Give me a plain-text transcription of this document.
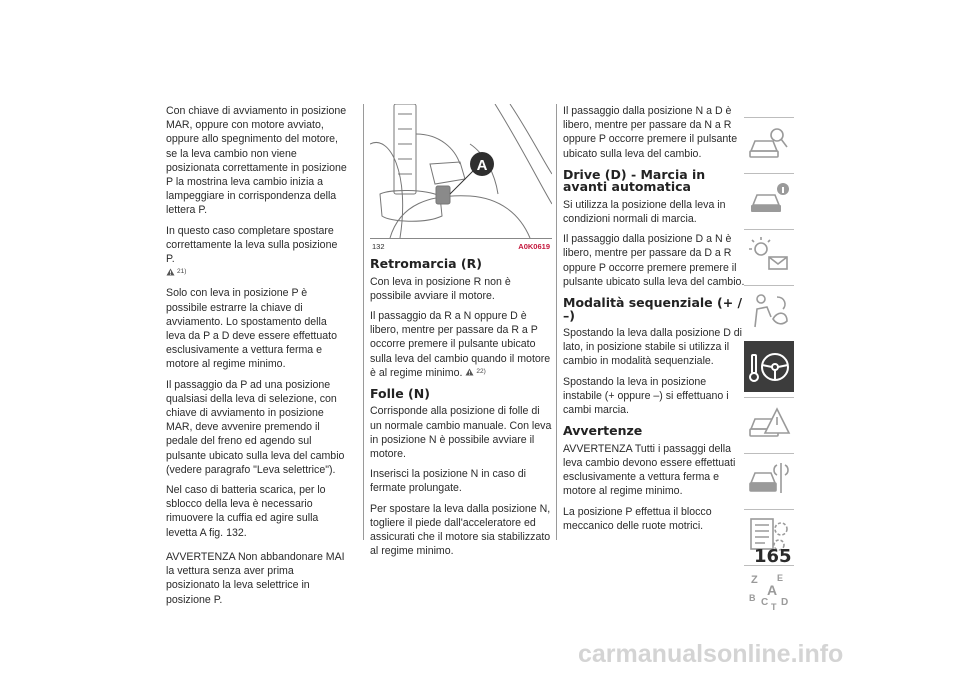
Con chiave di avviamento in posizione MAR, oppure con motore avviato, oppure allo spegnimento del motore, se la leva cambio non viene posizionata correttamente in posizione P la mostrina leva cambio inizia a lampeggiare in corrispondenza della lettera P.

In questo caso completare spostare correttamente la leva sulla posizione P.

21)

Solo con leva in posizione P è possibile estrarre la chiave di avviamento. Lo spostamento della leva da P a D deve essere effettuato esclusivamente a vettura ferma e motore al regime minimo.

Il passaggio da P ad una posizione qualsiasi della leva di selezione, con chiave di avviamento in posizione MAR, deve avvenire premendo il pedale del freno ed agendo sul pulsante ubicato sulla leva del cambio (vedere paragrafo "Leva selettrice").

Nel caso di batteria scarica, per lo sblocco della leva è necessario rimuovere la cuffia ed agire sulla levetta A fig. 132.

AVVERTENZA Non abbandonare MAI la vettura senza aver prima posizionato la leva selettrice in posizione P.

A
132	A0K0619
Retromarcia (R)

Con leva in posizione R non è possibile avviare il motore.

Il passaggio da R a N oppure D è libero, mentre per passare da R a P occorre premere il pulsante ubicato sulla leva del cambio quando il motore è al regime minimo. 22)

Folle (N)

Corrisponde alla posizione di folle di un normale cambio manuale. Con leva in posizione N è possibile avviare il motore.

Inserisci la posizione N in caso di fermate prolungate.

Per spostare la leva dalla posizione N, togliere il piede dall'acceleratore ed assicurati che il motore sia stabilizzato al regime minimo.

Il passaggio dalla posizione N a D è libero, mentre per passare da N a R oppure P occorre premere il pulsante ubicato sulla leva del cambio.

Drive (D) - Marcia in avanti automatica

Si utilizza la posizione della leva in condizioni normali di marcia.

Il passaggio dalla posizione D a N è libero, mentre per passare da D a R oppure P occorre premere premere il pulsante ubicato sulla leva del cambio.

Modalità sequenziale (+ / –)

Spostando la leva dalla posizione D di lato, in posizione stabile si utilizza il cambio in modalità sequenziale.

Spostando la leva in posizione instabile (+ oppure –) si effettuano i cambi marcia.

Avvertenze

AVVERTENZA Tutti i passaggi della leva cambio devono essere effettuati esclusivamente a vettura ferma e motore al regime minimo.

La posizione P effettua il blocco meccanico delle ruote motrici.

Z E
A
B C T D
165
carmanualsonline.info
